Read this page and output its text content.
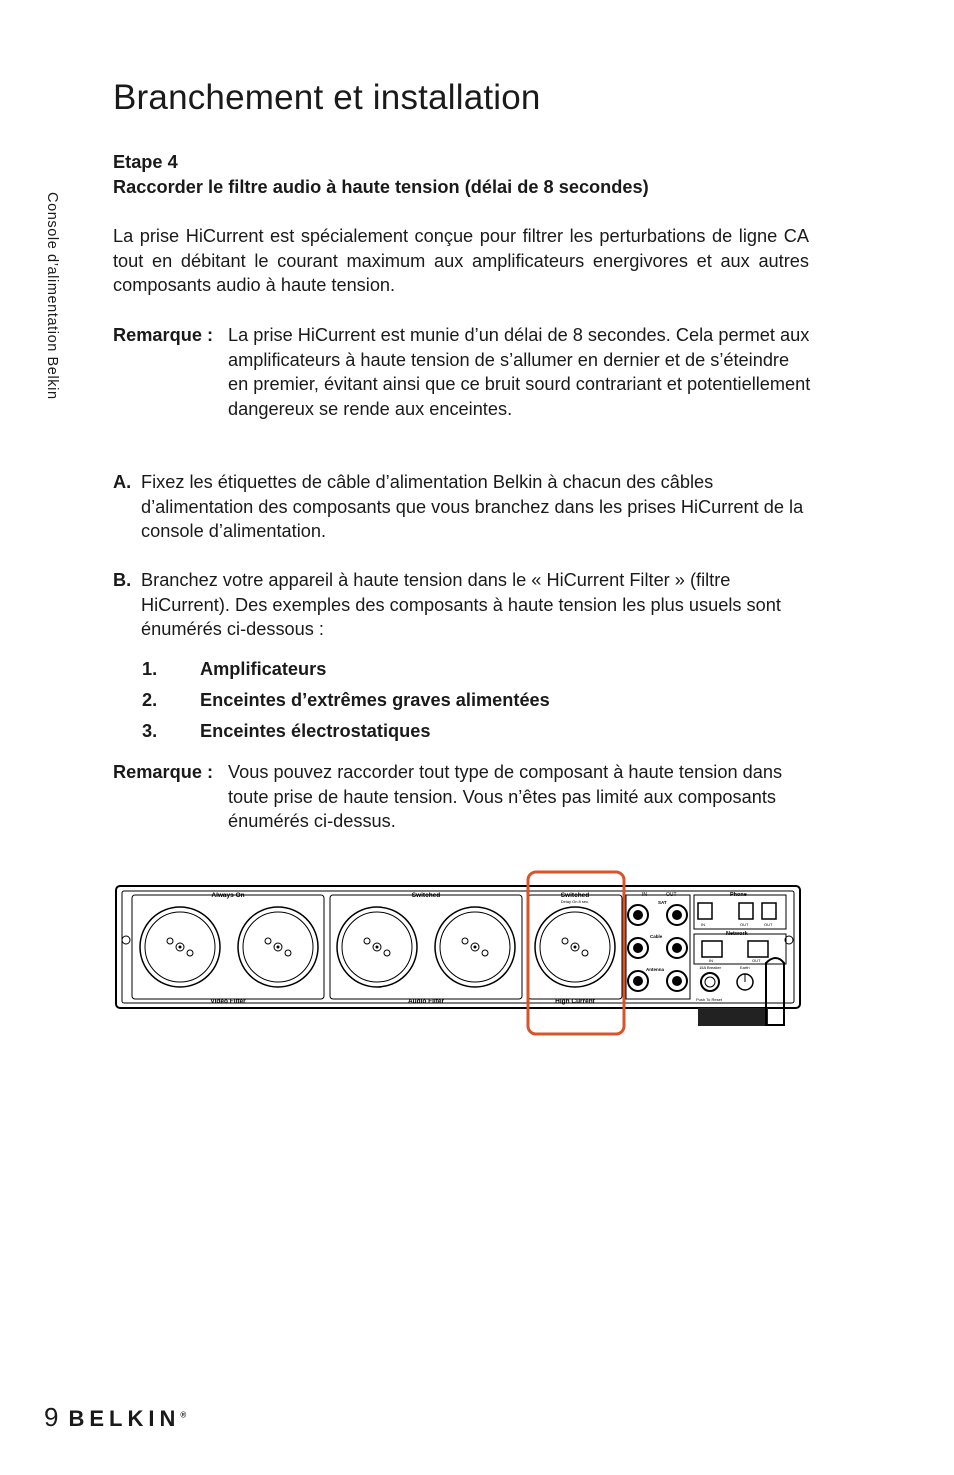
Branchement et installation
Console d’alimentation Belkin
Etape 4
Raccorder le filtre audio à haute tension (délai de 8 secondes)

La prise HiCurrent est spécialement conçue pour filtrer les perturbations de ligne CA tout en débitant le courant maximum aux amplificateurs energivores et aux autres composants audio à haute tension.

Remarque : La prise HiCurrent est munie d’un délai de 8 secondes. Cela permet aux amplificateurs à haute tension de s’allumer en dernier et de s’éteindre en premier, évitant ainsi que ce bruit sourd contrariant et potentiellement dangereux se rende aux enceintes.
A. Fixez les étiquettes de câble d’alimentation Belkin à chacun des câbles d’alimentation des composants que vous branchez dans les prises HiCurrent de la console d’alimentation.
B. Branchez votre appareil à haute tension dans le « HiCurrent Filter » (filtre HiCurrent). Des exemples des composants à haute tension les plus usuels sont énumérés ci-dessous :
1.	Amplificateurs
2.	Enceintes d’extrêmes graves alimentées
3.	Enceintes électrostatiques
Remarque : Vous pouvez raccorder tout type de composant à haute tension dans toute prise de haute tension. Vous n’êtes pas limité aux composants énumérés ci-dessus.
Always On	Switched	Switched
Delay On 8 sec.
Video Filter	Audio Filter	High Current
IN	OUT
SAT
Cable
Antenna
Phone
IN	OUT	OUT
Network
IN	OUT
15A Breaker	Earth
Push To Reset
9 BELKIN®
